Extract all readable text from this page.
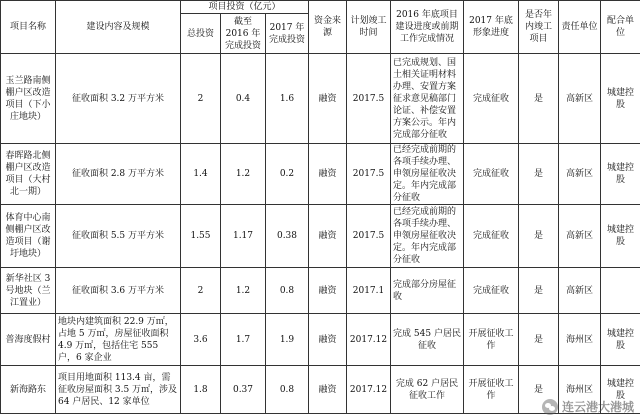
项目名称	建设内容及规模	项目投资（亿元）			资金来源	计划竣工时间	2016 年底项目建设进度或前期工作完成情况	2017 年底形象进度	是否年内竣工项目	责任单位	配合单位
		总投资	截至 2016 年完成投资	2017 年完成投资							
玉兰路南侧棚户区改造项目（下小庄地块）	征收面积 3.2 万平方米	2	0.4	1.6	融资	2017.5	已完成规划、国土相关证明材料办理、安置方案征求意见稿部门论证、补偿安置方案公示。年内完成部分征收	完成征收	是	高新区	城建控股
春晖路北侧棚户区改造项目（大村北一期）	征收面积 2.8 万平方米	1.4	1.2	0.2	融资	2017.5	已经完成前期的各项手续办理、申领房屋征收决定。年内完成部分征收	完成征收	是	高新区	城建控股
体育中心南侧棚户区改造项目（谢圩地块）	征收面积 5.5 万平方米	1.55	1.17	0.38	融资	2017.5	已经完成前期的各项手续办理、申领房屋征收决定。年内完成部分征收	完成征收	是	高新区	城建控股
新华社区 3 号地块（兰江置业）	征收面积 3.6 万平方米	2	1.2	0.8	融资	2017.1	完成部分房屋征收	完成征收	是	高新区	
普海度假村	地块内建筑面积 22.9 万㎡，占地 5 万㎡，房屋征收面积 4.9 万㎡，包括住宅 555 户，6 家企业	3.6	1.7	1.9	融资	2017.12	完成 545 户居民征收	开展征收工作	是	海州区	城建控股
新海路东	项目用地面积 113.4 亩，需征收房屋面积 3.5 万㎡，涉及 64 户居民、12 家单位	1.8	0.37	0.8	融资	2017.12	完成 62 户居民征收工作	开展征收工作	是	海州区	城建控股
连云港大港城
